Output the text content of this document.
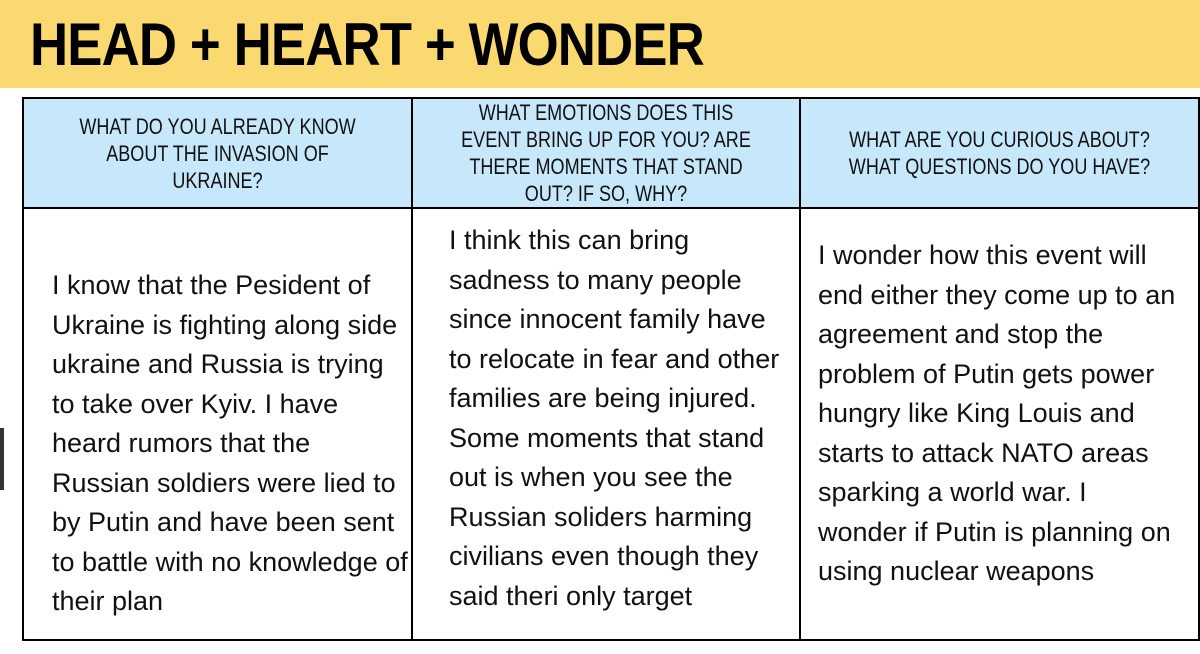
HEAD + HEART + WONDER
WHAT DO YOU ALREADY KNOW ABOUT THE INVASION OF UKRAINE?
I know that the Pesident of Ukraine is fighting along side ukraine and Russia is trying to take over Kyiv. I have heard rumors that the Russian soldiers were lied to by Putin and have been sent to battle with no knowledge of their plan
WHAT EMOTIONS DOES THIS EVENT BRING UP FOR YOU? ARE THERE MOMENTS THAT STAND OUT? IF SO, WHY?
I think this can bring sadness to many people since innocent family have to relocate in fear and other families are being injured. Some moments that stand out is when you see the Russian soliders harming civilians even though they said theri only target
WHAT ARE YOU CURIOUS ABOUT? WHAT QUESTIONS DO YOU HAVE?
I wonder how this event will end either they come up to an agreement and stop the problem of Putin gets power hungry like King Louis and starts to attack NATO areas sparking a world war. I wonder if Putin is planning on using nuclear weapons
